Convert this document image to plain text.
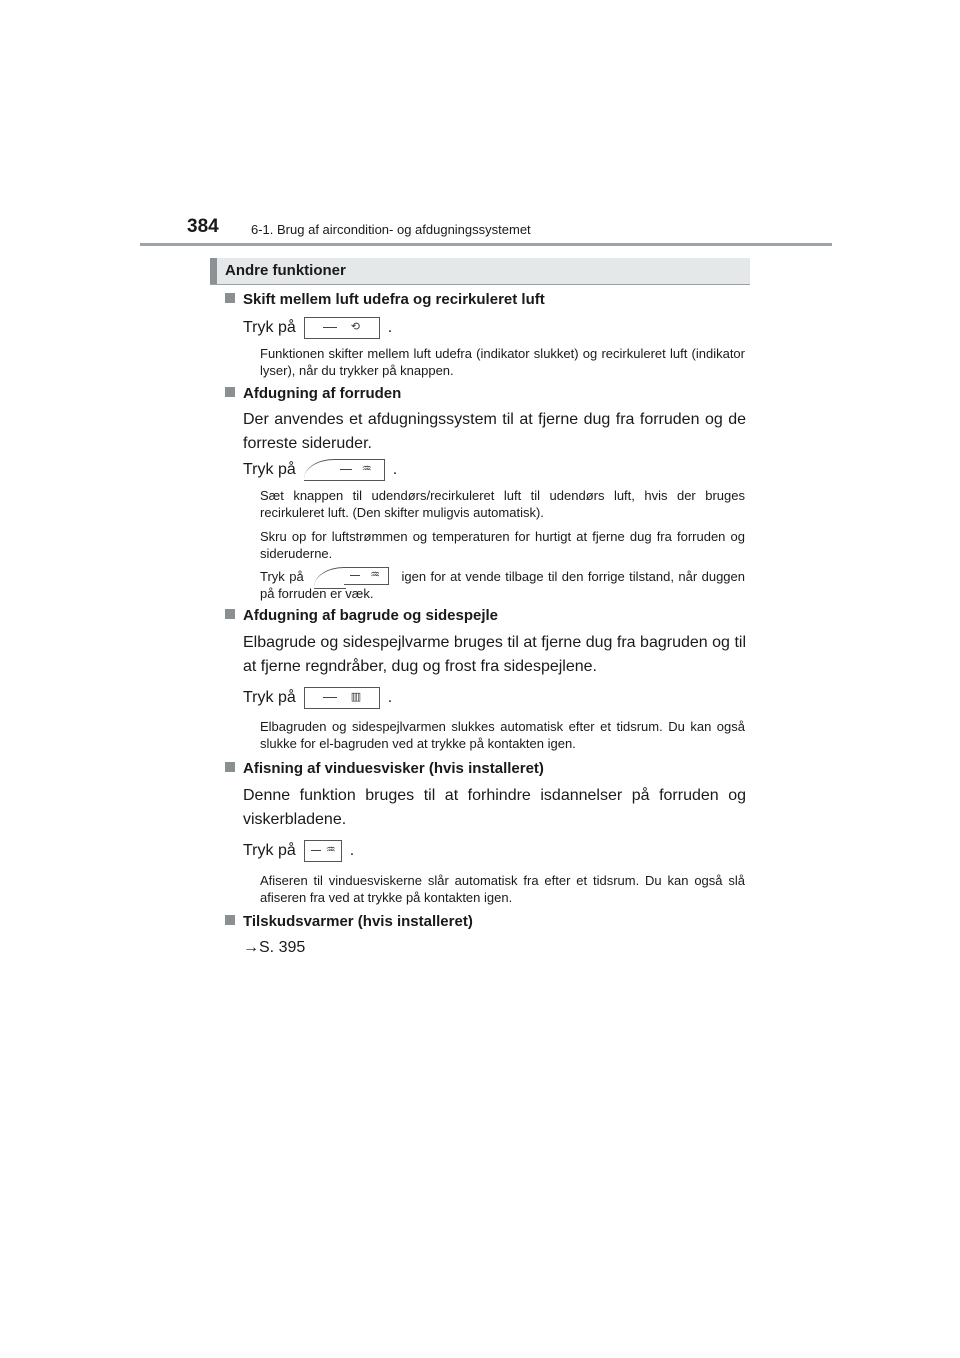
384 6-1. Brug af aircondition- og afdugningssystemet
Andre funktioner
Skift mellem luft udefra og recirkuleret luft
Tryk på	⟲ .
Funktionen skifter mellem luft udefra (indikator slukket) og recirkuleret luft (indikator lyser), når du trykker på knappen.
Afdugning af forruden
Der anvendes et afdugningssystem til at fjerne dug fra forruden og de forreste sideruder.
Tryk på	♒ .
Sæt knappen til udendørs/recirkuleret luft til udendørs luft, hvis der bruges recirkuleret luft. (Den skifter muligvis automatisk).
Skru op for luftstrømmen og temperaturen for hurtigt at fjerne dug fra forruden og sideruderne.
Tryk på	♒ igen for at vende tilbage til den forrige tilstand, når duggen på forruden er væk.
Afdugning af bagrude og sidespejle
Elbagrude og sidespejlvarme bruges til at fjerne dug fra bagruden og til at fjerne regndråber, dug og frost fra sidespejlene.
Tryk på	▥ .
Elbagruden og sidespejlvarmen slukkes automatisk efter et tidsrum. Du kan også slukke for el-bagruden ved at trykke på kontakten igen.
Afisning af vinduesvisker (hvis installeret)
Denne funktion bruges til at forhindre isdannelser på forruden og viskerbladene.
Tryk på	♒ .
Afiseren til vinduesviskerne slår automatisk fra efter et tidsrum. Du kan også slå afiseren fra ved at trykke på kontakten igen.
Tilskudsvarmer (hvis installeret)
→S. 395
